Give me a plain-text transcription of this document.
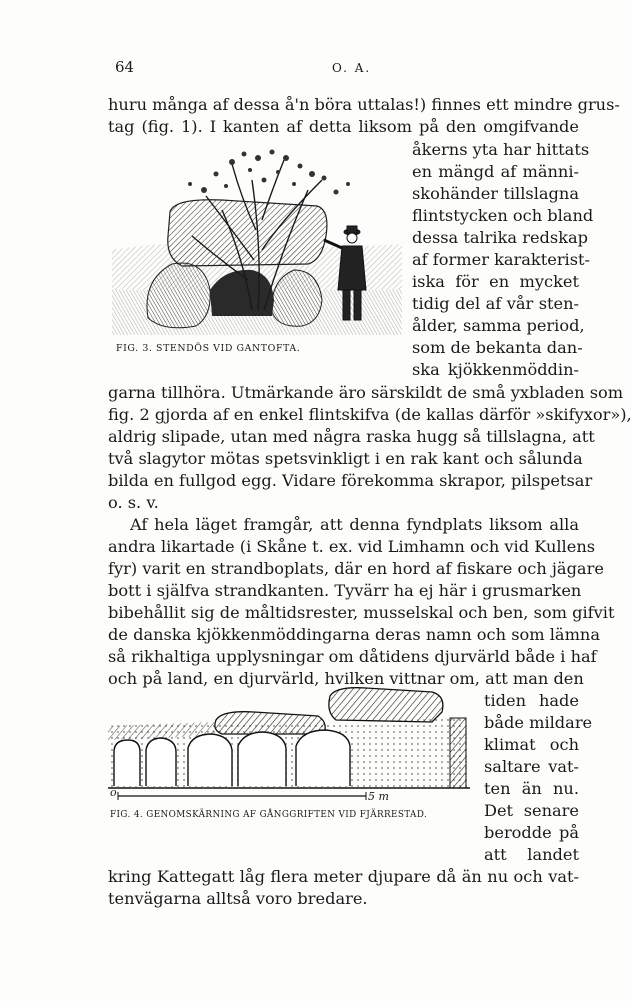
64	O. A.
huru många af dessa å'n böra uttalas!) finnes ett mindre grus-
tag (fig. 1). I kanten af detta liksom på den omgifvande
åkerns yta har hittats
en mängd af männi-
skohänder tillslagna
flintstycken och bland
dessa talrika redskap
af former karakterist-
iska för en mycket
tidig del af vår sten-
ålder, samma period,
som de bekanta dan-
ska kjökkenmöddin-
garna tillhöra. Utmärkande äro särskildt de små yxbladen som
fig. 2 gjorda af en enkel flintskifva (de kallas därför »skifyxor»),
aldrig slipade, utan med några raska hugg så tillslagna, att
två slagytor mötas spetsvinkligt i en rak kant och sålunda
bilda en fullgod egg. Vidare förekomma skrapor, pilspetsar
o. s. v.
Af hela läget framgår, att denna fyndplats liksom alla
andra likartade (i Skåne t. ex. vid Limhamn och vid Kullens
fyr) varit en strandboplats, där en hord af fiskare och jägare
bott i själfva strandkanten. Tyvärr ha ej här i grusmarken
bibehållit sig de måltidsrester, musselskal och ben, som gifvit
de danska kjökkenmöddingarna deras namn och som lämna
så rikhaltiga upplysningar om dåtidens djurvärld både i haf
och på land, en djurvärld, hvilken vittnar om, att man den
tiden hade
både mildare
klimat och
saltare vat-
ten än nu.
Det senare
berodde på
att landet
kring Kattegatt låg flera meter djupare då än nu och vat-
tenvägarna alltså voro bredare.
FIG. 3. STENDÖS VID GANTOFTA.
o	5 m
FIG. 4. GENOMSKÄRNING AF GÅNGGRIFTEN VID FJÄRRESTAD.
